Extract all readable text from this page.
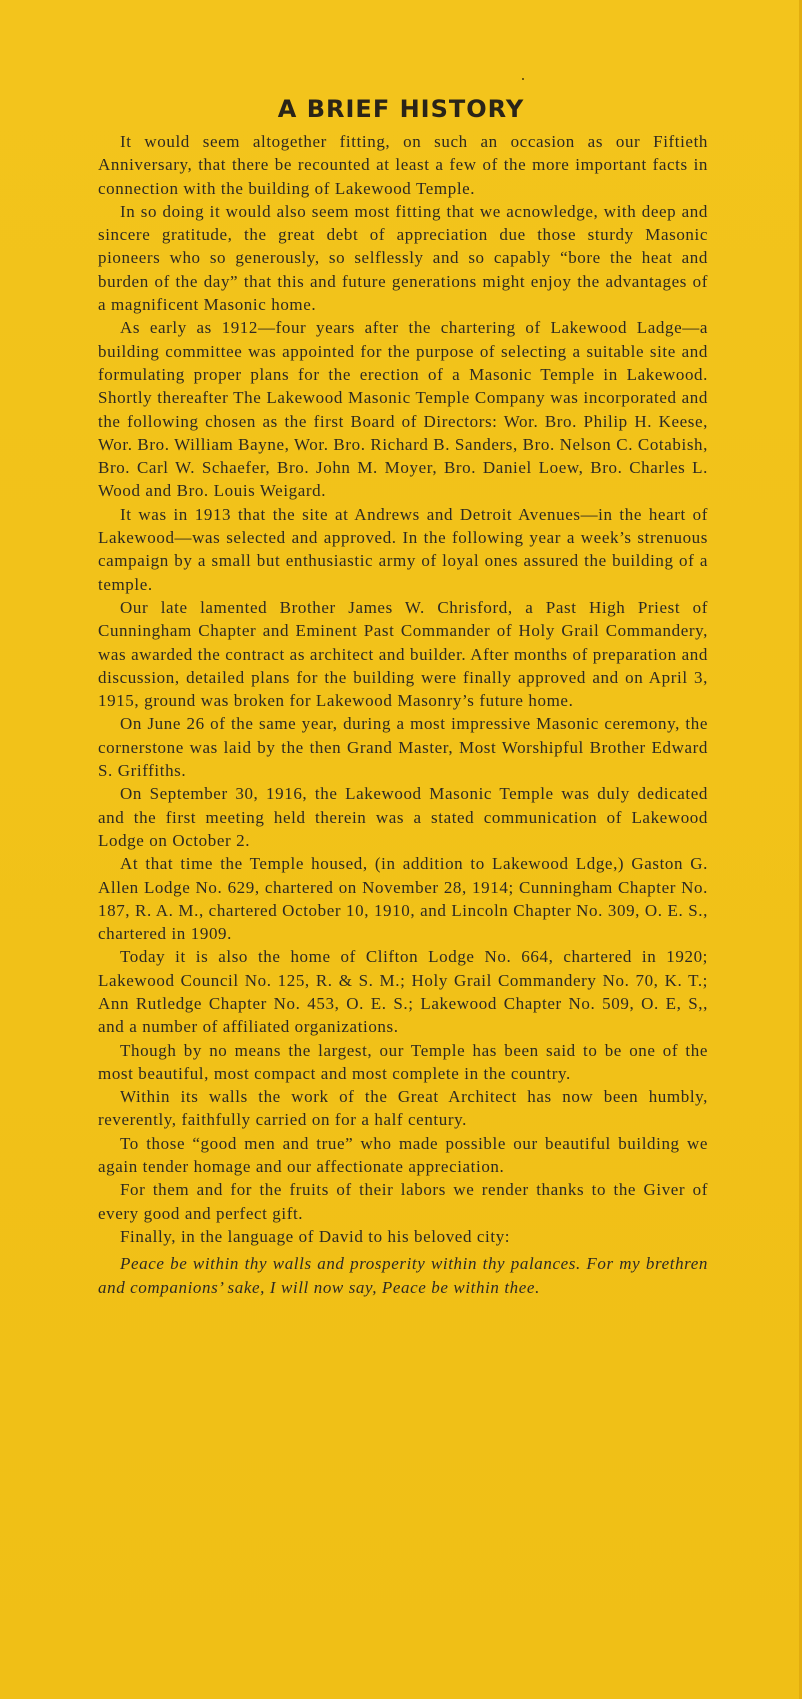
A BRIEF HISTORY

It would seem altogether fitting, on such an occasion as our Fiftieth Anniversary, that there be recounted at least a few of the more important facts in connection with the building of Lakewood Temple.

In so doing it would also seem most fitting that we acnowledge, with deep and sincere gratitude, the great debt of appreciation due those sturdy Masonic pioneers who so generously, so selflessly and so capably “bore the heat and burden of the day” that this and future generations might enjoy the advantages of a magnificent Masonic home.

As early as 1912—four years after the chartering of Lakewood Ladge—a building committee was appointed for the purpose of selecting a suitable site and formulating proper plans for the erection of a Masonic Temple in Lakewood. Shortly thereafter The Lakewood Masonic Temple Company was incorporated and the following chosen as the first Board of Directors: Wor. Bro. Philip H. Keese, Wor. Bro. William Bayne, Wor. Bro. Richard B. Sanders, Bro. Nelson C. Cotabish, Bro. Carl W. Schaefer, Bro. John M. Moyer, Bro. Daniel Loew, Bro. Charles L. Wood and Bro. Louis Weigard.

It was in 1913 that the site at Andrews and Detroit Avenues—in the heart of Lakewood—was selected and approved. In the following year a week’s strenuous campaign by a small but enthusiastic army of loyal ones assured the building of a temple.

Our late lamented Brother James W. Chrisford, a Past High Priest of Cunningham Chapter and Eminent Past Commander of Holy Grail Commandery, was awarded the contract as architect and builder. After months of preparation and discussion, detailed plans for the building were finally approved and on April 3, 1915, ground was broken for Lakewood Masonry’s future home.

On June 26 of the same year, during a most impressive Masonic ceremony, the cornerstone was laid by the then Grand Master, Most Worshipful Brother Edward S. Griffiths.

On September 30, 1916, the Lakewood Masonic Temple was duly dedicated and the first meeting held therein was a stated communication of Lakewood Lodge on October 2.

At that time the Temple housed, (in addition to Lakewood Ldge,) Gaston G. Allen Lodge No. 629, chartered on November 28, 1914; Cunningham Chapter No. 187, R. A. M., chartered October 10, 1910, and Lincoln Chapter No. 309, O. E. S., chartered in 1909.

Today it is also the home of Clifton Lodge No. 664, chartered in 1920; Lakewood Council No. 125, R. & S. M.; Holy Grail Commandery No. 70, K. T.; Ann Rutledge Chapter No. 453, O. E. S.; Lakewood Chapter No. 509, O. E, S,, and a number of affiliated organizations.

Though by no means the largest, our Temple has been said to be one of the most beautiful, most compact and most complete in the country.

Within its walls the work of the Great Architect has now been humbly, reverently, faithfully carried on for a half century.

To those “good men and true” who made possible our beautiful building we again tender homage and our affectionate appreciation.

For them and for the fruits of their labors we render thanks to the Giver of every good and perfect gift.

Finally, in the language of David to his beloved city:

Peace be within thy walls and prosperity within thy palances. For my brethren and companions’ sake, I will now say, Peace be within thee.
